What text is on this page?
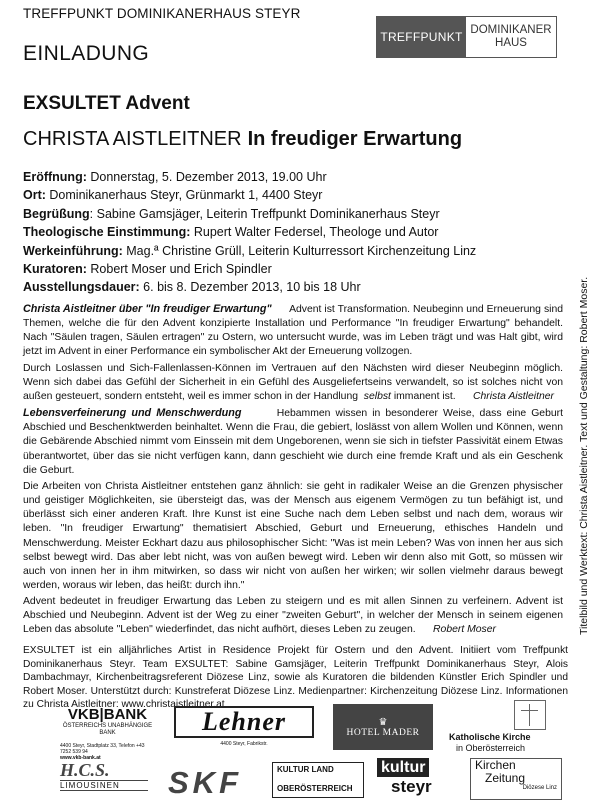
TREFFPUNKT DOMINIKANERHAUS STEYR
TREFFPUNKT DOMINIKANER
HAUS
EINLADUNG
EXSULTET Advent
CHRISTA AISTLEITNER In freudiger Erwartung
Eröffnung: Donnerstag, 5. Dezember 2013, 19.00 Uhr
Ort: Dominikanerhaus Steyr, Grünmarkt 1, 4400 Steyr
Begrüßung: Sabine Gamsjäger, Leiterin Treffpunkt Dominikanerhaus Steyr
Theologische Einstimmung: Rupert Walter Federsel, Theologe und Autor
Werkeinführung: Mag.ª Christine Grüll, Leiterin Kulturressort Kirchenzeitung Linz
Kuratoren: Robert Moser und Erich Spindler
Ausstellungsdauer: 6. bis 8. Dezember 2013, 10 bis 18 Uhr

Christa Aistleitner über "In freudiger Erwartung" Advent ist Transformation. Neubeginn und Erneuerung sind Themen, welche die für den Advent konzipierte Installation und Performance "In freudiger Erwartung" behandelt. Nach "Säulen tragen, Säulen ertragen" zu Ostern, wo untersucht wurde, was im Leben trägt und was Halt gibt, wird jetzt im Advent in einer Performance ein symbolischer Akt der Erneuerung vollzogen.

Durch Loslassen und Sich-Fallenlassen-Können im Vertrauen auf den Nächsten wird dieser Neubeginn möglich. Wenn sich dabei das Gefühl der Sicherheit in ein Gefühl des Ausgeliefertseins verwandelt, so ist solches nicht von außen gesteuert, sondern entsteht, weil es immer schon in der Handlung selbst immanent ist. Christa Aistleitner

Lebensverfeinerung und Menschwerdung	Hebammen wissen in besonderer Weise, dass eine Geburt Abschied und Beschenktwerden beinhaltet. Wenn die Frau, die gebiert, loslässt von allem Wollen und Können, wenn die Gebärende Abschied nimmt vom Einssein mit dem Ungeborenen, wenn sie sich in tiefster Passivität einem Etwas überantwortet, über das sie nicht verfügen kann, dann geschieht wie durch eine fremde Kraft und als ein Geschenk die Geburt.

Die Arbeiten von Christa Aistleitner entstehen ganz ähnlich: sie geht in radikaler Weise an die Grenzen physischer und geistiger Möglichkeiten, sie übersteigt das, was der Mensch aus eigenem Vermögen zu tun befähigt ist, und überlässt sich einer anderen Kraft. Ihre Kunst ist eine Suche nach dem Leben selbst und nach dem, woraus wir leben. "In freudiger Erwartung" thematisiert Abschied, Geburt und Erneuerung, ethisches Handeln und Menschwerdung. Meister Eckhart dazu aus philosophischer Sicht: "Was ist mein Leben? Was von innen her aus sich selbst bewegt wird. Das aber lebt nicht, was von außen bewegt wird. Leben wir denn also mit Gott, so müssen wir auch von innen her in ihm mitwirken, so dass wir nicht von außen her wirken; wir sollen vielmehr daraus bewegt werden, woraus wir leben, das heißt: durch ihn."

Advent bedeutet in freudiger Erwartung das Leben zu steigern und es mit allen Sinnen zu verfeinern. Advent ist Abschied und Neubeginn. Advent ist der Weg zu einer "zweiten Geburt", in welcher der Mensch in seinem eigenen Leben das absolute "Leben" wiederfindet, das nicht aufhört, dieses Leben zu zeugen. Robert Moser	Titelbild und Werktext: Christa Aistleitner. Text und Gestaltung: Robert Moser.
EXSULTET ist ein alljährliches Artist in Residence Projekt für Ostern und den Advent. Initiiert vom Treffpunkt Dominikanerhaus Steyr. Team EXSULTET: Sabine Gamsjäger, Leiterin Treffpunkt Dominikanerhaus Steyr, Alois Dambachmayr, Kirchenbeitragsreferent Diözese Linz, sowie als Kuratoren die bildenden Künstler Erich Spindler und Robert Moser. Unterstützt durch: Kunstreferat Diözese Linz. Medienpartner: Kirchenzeitung Diözese Linz. Informationen zu Christa Aistleitner: www.christaistleitner.at
VKB|BANK
ÖSTERREICHS UNABHÄNGIGE BANK
4400 Steyr, Stadtplatz 33, Telefon +43 7252 539 94
www.vkb-bank.at
Lehner
4400 Steyr, Fabrikstr.
♛
HOTEL MADER	Katholische Kirche
in Oberösterreich
H.C.S.
LIMOUSINEN	SKF	KULTUR LAND
OBERÖSTERREICH
kultur
steyr
Kirchen
Zeitung
Diözese Linz
